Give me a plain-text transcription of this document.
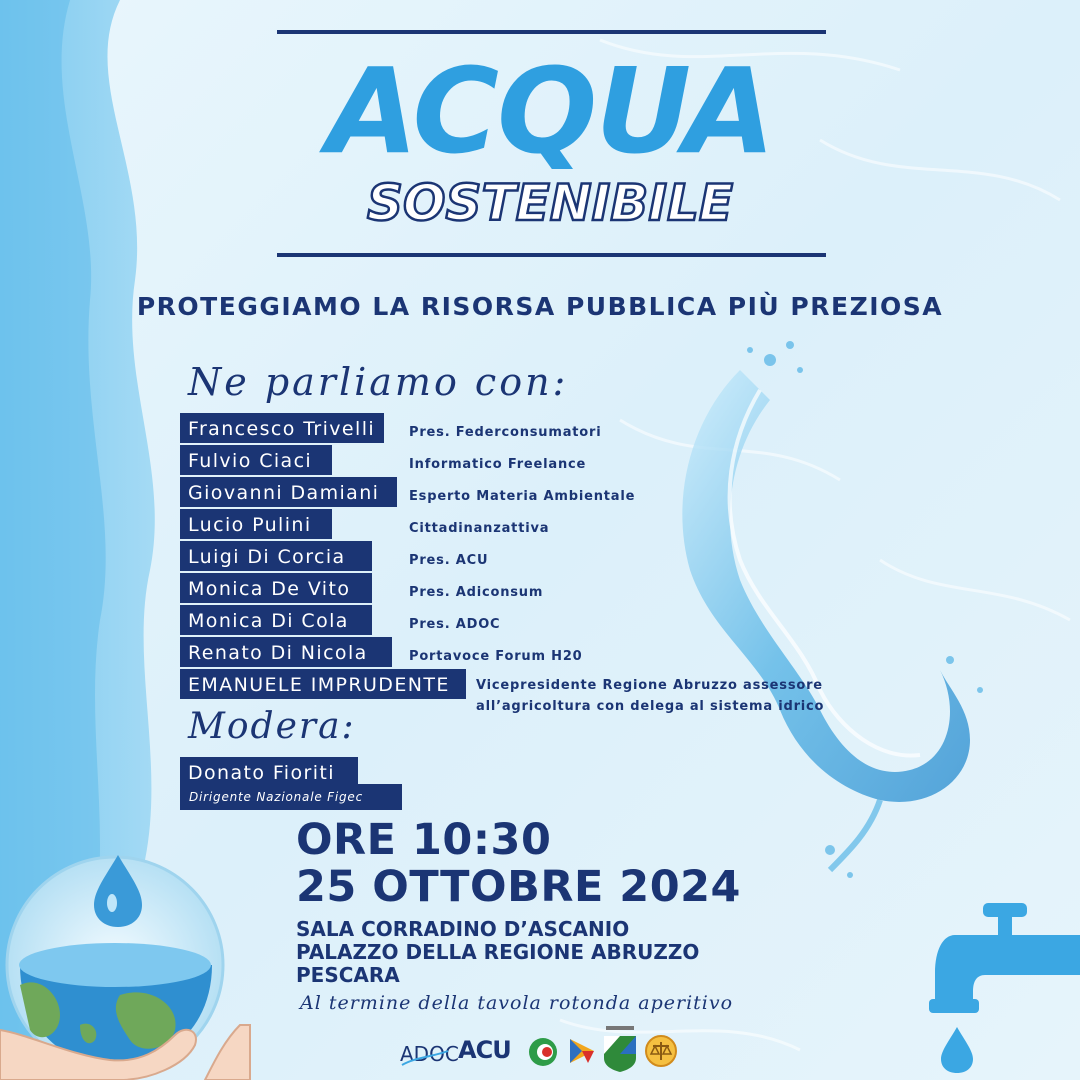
ACQUA
SOSTENIBILE
PROTEGGIAMO LA RISORSA PUBBLICA PIÙ PREZIOSA
Ne parliamo con:
Francesco Trivelli	Pres. Federconsumatori
Fulvio Ciaci	Informatico Freelance
Giovanni Damiani	Esperto Materia Ambientale
Lucio Pulini	Cittadinanzattiva
Luigi Di Corcia	Pres. ACU
Monica De Vito	Pres. Adiconsum
Monica Di Cola	Pres. ADOC
Renato Di Nicola	Portavoce Forum H20
EMANUELE IMPRUDENTE	Vicepresidente Regione Abruzzo assessore
all’agricoltura con delega al sistema idrico
Modera:
Donato Fioriti
Dirigente Nazionale Figec
ORE 10:30
25 OTTOBRE 2024
SALA CORRADINO D’ASCANIO
PALAZZO DELLA REGIONE ABRUZZO
PESCARA
Al termine della tavola rotonda aperitivo
ADOC ACU
